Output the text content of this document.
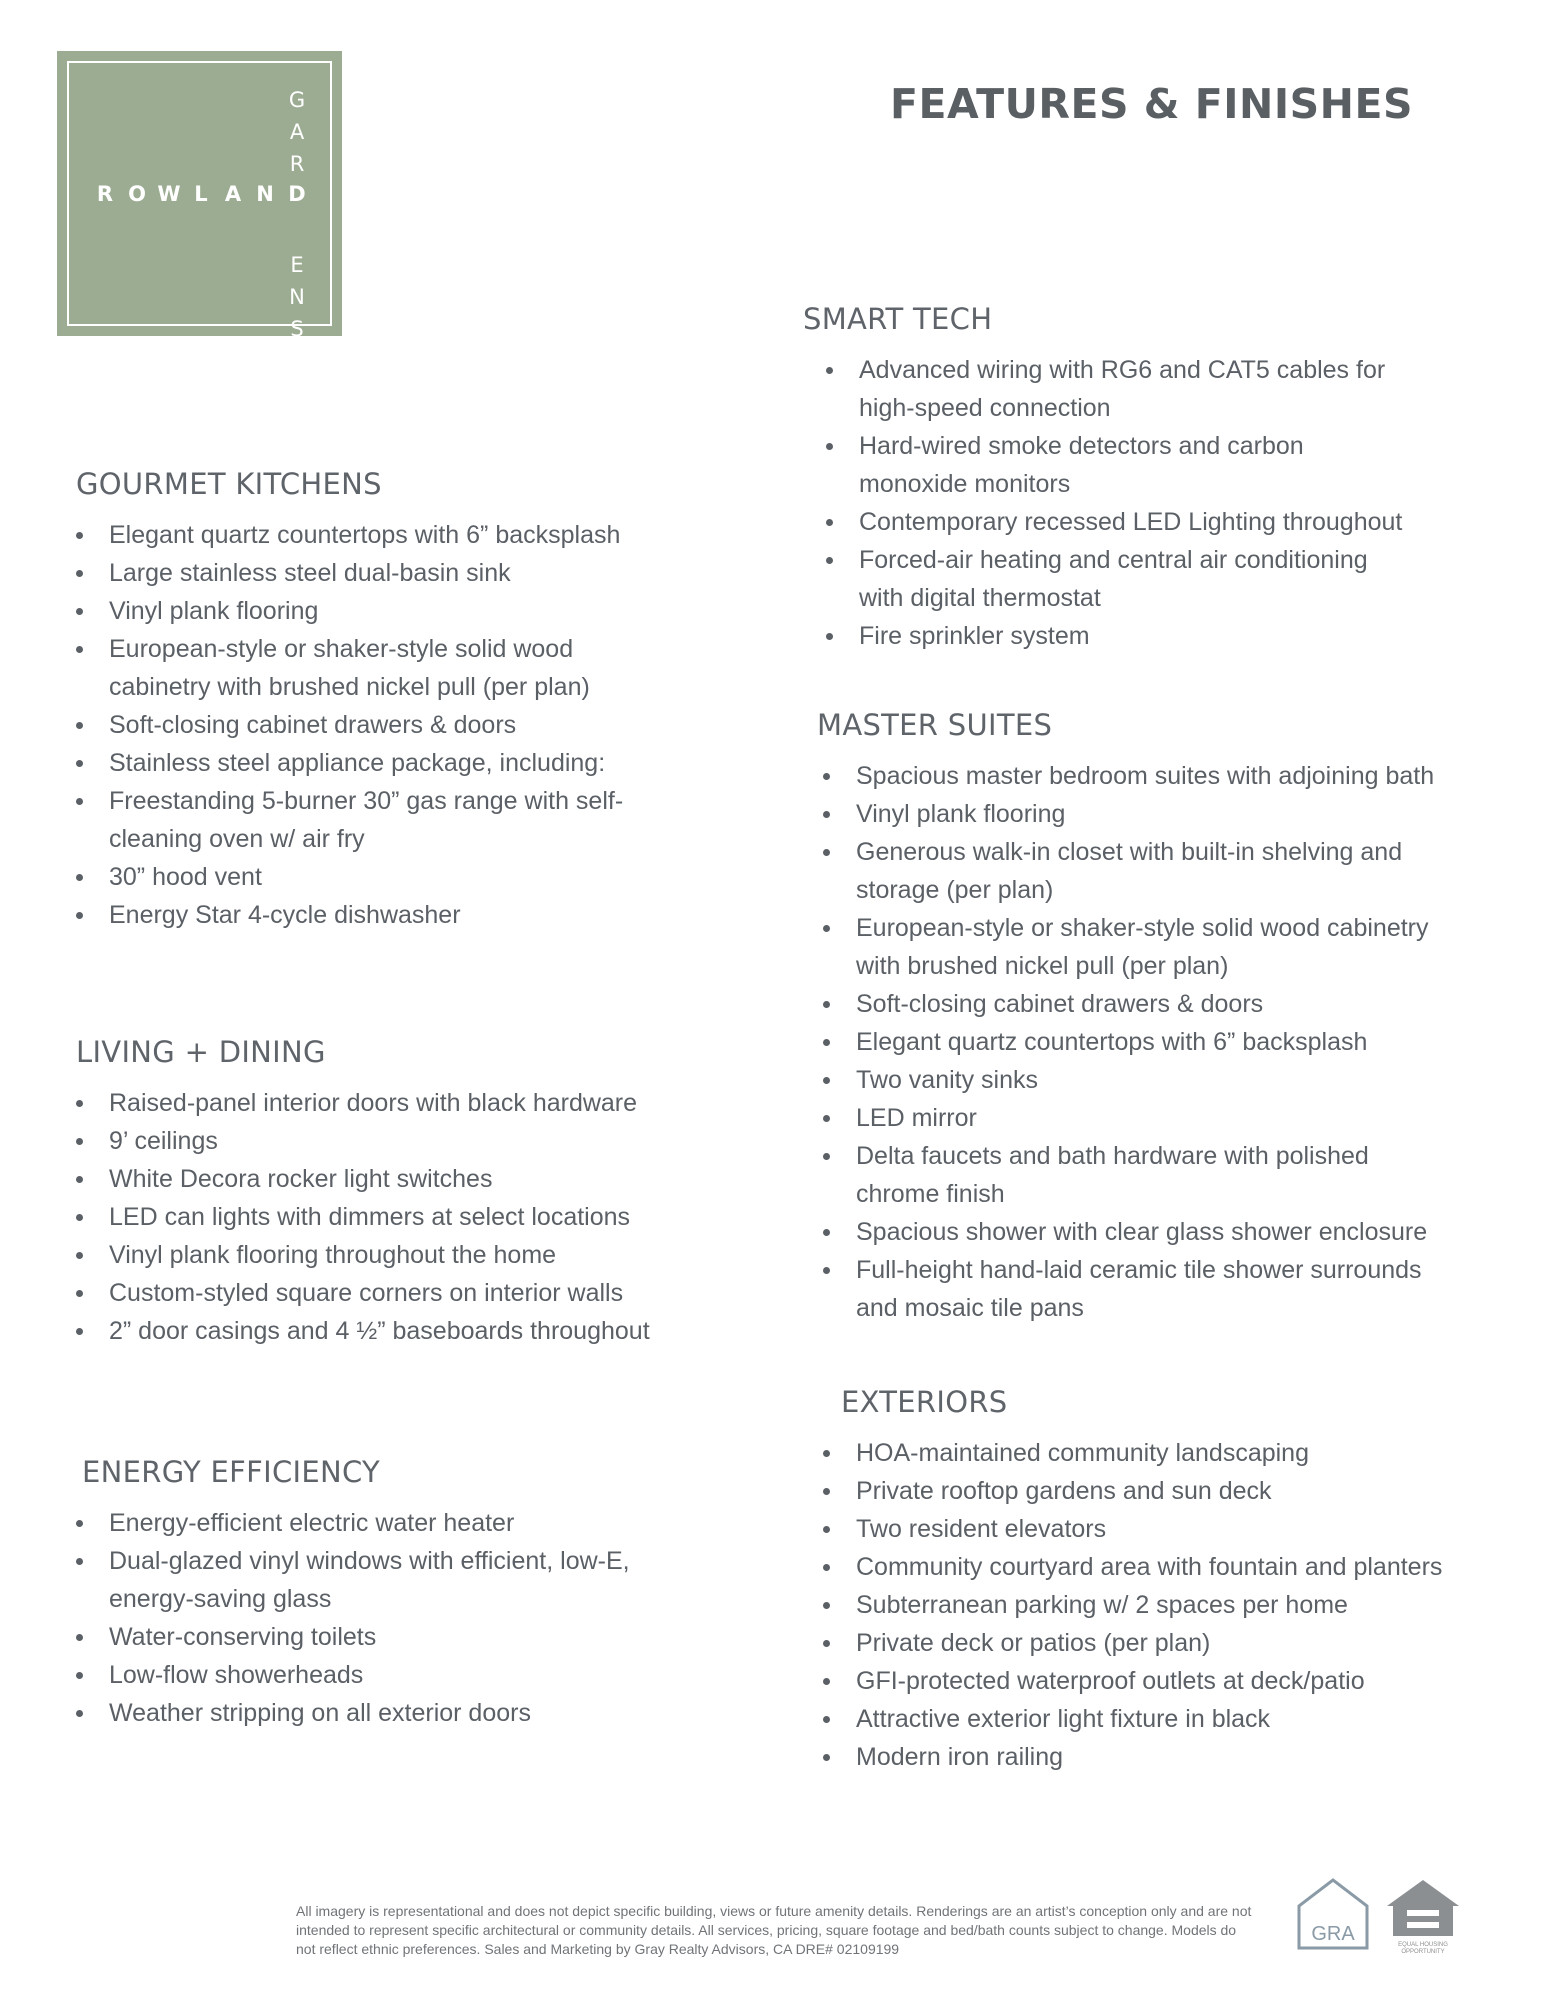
G
A
R
R O W L A N D
E
N
S
FEATURES & FINISHES
GOURMET KITCHENS
Elegant quartz countertops with 6” backsplash
Large stainless steel dual-basin sink
Vinyl plank flooring
European-style or shaker-style solid wood cabinetry with brushed nickel pull (per plan)
Soft-closing cabinet drawers & doors
Stainless steel appliance package, including:
Freestanding 5-burner 30” gas range with self-cleaning oven w/ air fry
30” hood vent
Energy Star 4-cycle dishwasher
LIVING + DINING
Raised-panel interior doors with black hardware
9’ ceilings
White Decora rocker light switches
LED can lights with dimmers at select locations
Vinyl plank flooring throughout the home
Custom-styled square corners on interior walls
2” door casings and 4 ½” baseboards throughout
ENERGY EFFICIENCY
Energy-efficient electric water heater
Dual-glazed vinyl windows with efficient, low-E, energy-saving glass
Water-conserving toilets
Low-flow showerheads
Weather stripping on all exterior doors
SMART TECH
Advanced wiring with RG6 and CAT5 cables for high-speed connection
Hard-wired smoke detectors and carbon monoxide monitors
Contemporary recessed LED Lighting throughout
Forced-air heating and central air conditioning with digital thermostat
Fire sprinkler system
MASTER SUITES
Spacious master bedroom suites with adjoining bath
Vinyl plank flooring
Generous walk-in closet with built-in shelving and storage (per plan)
European-style or shaker-style solid wood cabinetry with brushed nickel pull (per plan)
Soft-closing cabinet drawers & doors
Elegant quartz countertops with 6” backsplash
Two vanity sinks
LED mirror
Delta faucets and bath hardware with polished chrome finish
Spacious shower with clear glass shower enclosure
Full-height hand-laid ceramic tile shower surrounds and mosaic tile pans
EXTERIORS
HOA-maintained community landscaping
Private rooftop gardens and sun deck
Two resident elevators
Community courtyard area with fountain and planters
Subterranean parking w/ 2 spaces per home
Private deck or patios (per plan)
GFI-protected waterproof outlets at deck/patio
Attractive exterior light fixture in black
Modern iron railing

All imagery is representational and does not depict specific building, views or future amenity details. Renderings are an artist’s conception only and are not intended to represent specific architectural or community details. All services, pricing, square footage and bed/bath counts subject to change. Models do not reflect ethnic preferences. Sales and Marketing by Gray Realty Advisors, CA DRE# 02109199

GRA	EQUAL HOUSING
OPPORTUNITY
